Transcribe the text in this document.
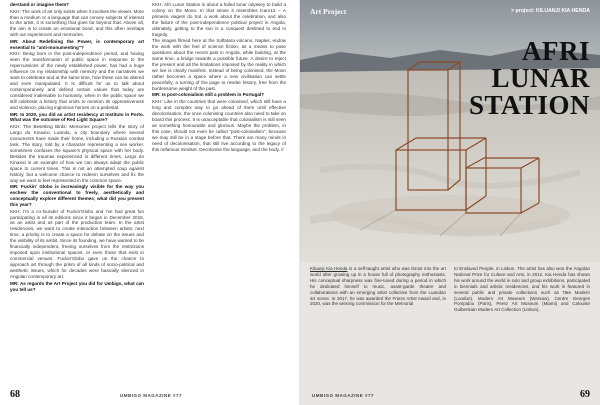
derstand or imagine them?

KKH: The work of art only exists when it involves the viewer. More than a medium or a language that can convey subjects of interest to the artist, it is something that goes far beyond that. Above all, the aim is to create an emotional bond, and this often overlaps with our experiences and memories.

MR: About Redefining the Power, is contemporary art essential to "anti-monumenting"?

KKH: Being born in the post-independence period, and having seen the transformation of public space in response to the repercussions of the newly established power, has had a huge influence on my relationship with memory and the narratives we want to celebrate and at the same time, how these can be altered and even manipulated. It is difficult for us to talk about contemporaneity and defend certain values that today are considered inalienable to humanity, when in the public space we still celebrate a history that omits to mention its oppressiveness and violence, placing inglorious heroes on a pedestal.

MR: In 2020, you did an artist residency at Instituto in Porto. What was the outcome of Red Light Square?

KKH: The Besetting Birds: Memories project tells the story of Largo do Kinaxixi, Luanda, a city boundary where several monuments have made their home, including a Russian combat tank. The story, told by a character representing a sex worker, sometimes confuses the square's physical space with her body. Besides the traumas experienced in different times, Largo do Kinaxixi is an example of how we can always adapt the public space to current times. This is not an attempted coup against history, but a welcome chance to redeem ourselves and fix the way we want to feel represented in the common space.

MR: Fuckin' Globo is increasingly visible for the way you eschew the conventional to freely, aesthetically and conceptually explore different themes; what did you present this year?

KKH: I'm a co-founder of Fuckin'Globo and I've had great fun participating in all its editions since it began in December 2015, as an artist and as part of the production team. In the artist residencies, we want to create interaction between artists; next time, a priority is to create a space for debate on the issues and the visibility of its ambit. Since its founding, we have wanted to be financially independent, freeing ourselves from the restrictions imposed upon institutional spaces, or even those that exist in commercial venues. Fuckin'Globo gave us the chance to approach art through the prism of all kinds of socio-political and aesthetic issues, which for decades were basically silenced in Angolan contemporary art.

MR: As regards the Art Project you did for Umbigo, what can you tell us?

KKH: Afri Lunar Station is about a failed lunar odyssey to build a colony on the Moon. In that sense it resembles Icaro13 – A primeira viagem do Sol, a work about the celebration, and also the failure of the post-independence political project in Angola, ultimately, getting to the sun is a conquest destined to end in tragedy.

The images filmed here at the Solfatara volcano, Naples, endow the work with the feel of science fiction, as a means to pose questions about the recent past in Angola, while building, at the same time, a bridge towards a possible future. A desire to reject the present and all the limitations imposed by the reality in which we live is clearly manifest. Instead of being colonised, the Moon rather becomes a space where a new civilisation can settle peacefully, a turning of the page to rewrite history, free from the burdensome weight of the past.

MR: Is post-colonialism still a problem in Portugal?

KKH: Like in the countries that were colonised, which still have a long and complex way to go ahead of them until effective decolonisation, the once colonising countries also need to take on board this process. It is unacceptable that colonialism is still seen as something honourable and glorious. Maybe the problem, in this case, should not even be called "post-colonialism", because we may still be in a stage before that. There are many minds in need of decolonisation, that still live according to the legacy of this nefarious mindset. Decolonise the language, and the body. //

68	UMBIGO MAGAZINE #77
Art Project	> project: KILUANJI KIA HENDA
AFRI
LUNAR
STATION
Kiluanji Kia Henda is a self-taught artist who was thrust into the art world after growing up in a house full of photography enthusiasts. His conceptual sharpness was fine-tuned during a period in which he dedicated himself to music, avant-garde theatre and collaborations with an emerging artist collective from the Luandan art scene. In 2017, he was awarded the Frieze Artist Award and, in 2020, was the winning commission for the Memorial
to Enslaved People, in Lisbon. The artist has also won the Angolan National Prize for Culture and Arts, in 2012. Kia Henda has shown his work around the world in solo and group exhibitions, participated in biennials and artistic residencies, and his work is featured in several public and private collections such as Tate Modern (London), Modern Art Museum (Warsaw), Centre Georges Pompidou (Paris), Perez Art Museum (Miami) and Calouste Gulbenkian Modern Art Collection (Lisbon).
UMBIGO MAGAZINE #77	69
